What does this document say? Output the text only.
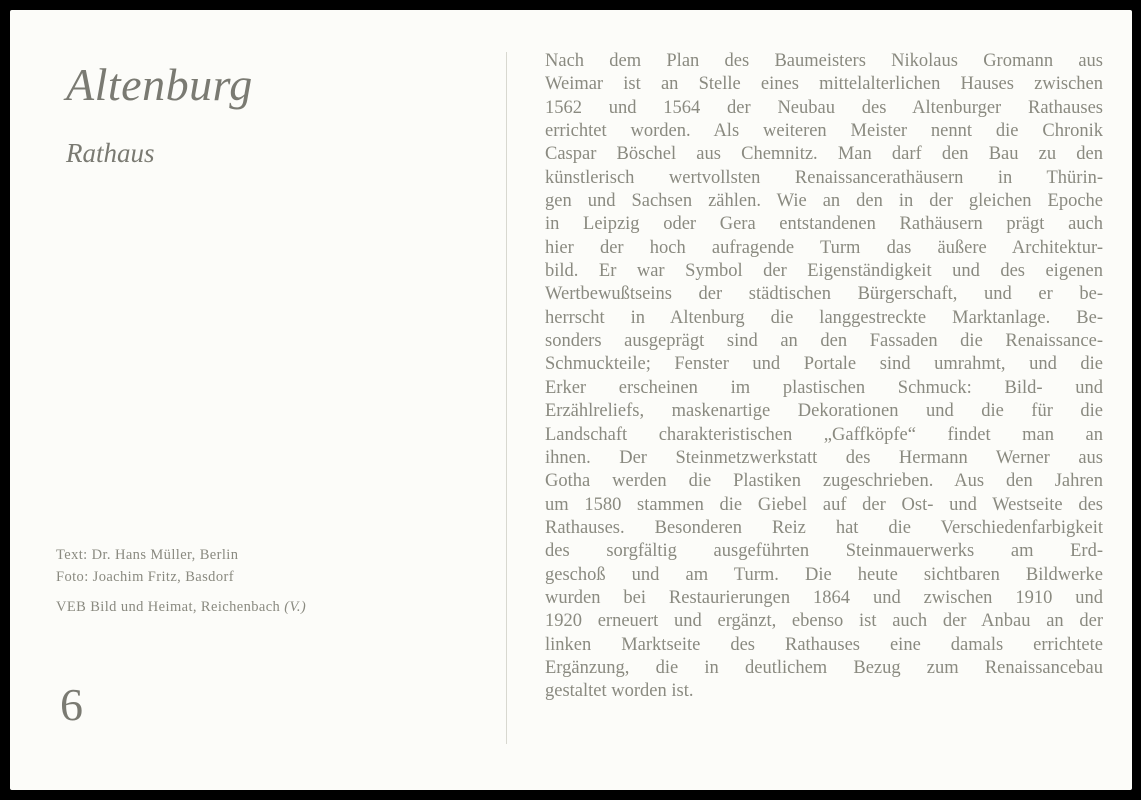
Altenburg
Rathaus
Text: Dr. Hans Müller, Berlin
Foto: Joachim Fritz, Basdorf
VEB Bild und Heimat, Reichenbach (V.)
6
Nach dem Plan des Baumeisters Nikolaus Gromann aus
Weimar ist an Stelle eines mittelalterlichen Hauses zwischen
1562 und 1564 der Neubau des Altenburger Rathauses
errichtet worden. Als weiteren Meister nennt die Chronik
Caspar Böschel aus Chemnitz. Man darf den Bau zu den
künstlerisch wertvollsten Renaissancerathäusern in Thürin-
gen und Sachsen zählen. Wie an den in der gleichen Epoche
in Leipzig oder Gera entstandenen Rathäusern prägt auch
hier der hoch aufragende Turm das äußere Architektur-
bild. Er war Symbol der Eigenständigkeit und des eigenen
Wertbewußtseins der städtischen Bürgerschaft, und er be-
herrscht in Altenburg die langgestreckte Marktanlage. Be-
sonders ausgeprägt sind an den Fassaden die Renaissance-
Schmuckteile; Fenster und Portale sind umrahmt, und die
Erker erscheinen im plastischen Schmuck: Bild- und
Erzählreliefs, maskenartige Dekorationen und die für die
Landschaft charakteristischen „Gaffköpfe“ findet man an
ihnen. Der Steinmetzwerkstatt des Hermann Werner aus
Gotha werden die Plastiken zugeschrieben. Aus den Jahren
um 1580 stammen die Giebel auf der Ost- und Westseite des
Rathauses. Besonderen Reiz hat die Verschiedenfarbigkeit
des sorgfältig ausgeführten Steinmauerwerks am Erd-
geschoß und am Turm. Die heute sichtbaren Bildwerke
wurden bei Restaurierungen 1864 und zwischen 1910 und
1920 erneuert und ergänzt, ebenso ist auch der Anbau an der
linken Marktseite des Rathauses eine damals errichtete
Ergänzung, die in deutlichem Bezug zum Renaissancebau
gestaltet worden ist.
